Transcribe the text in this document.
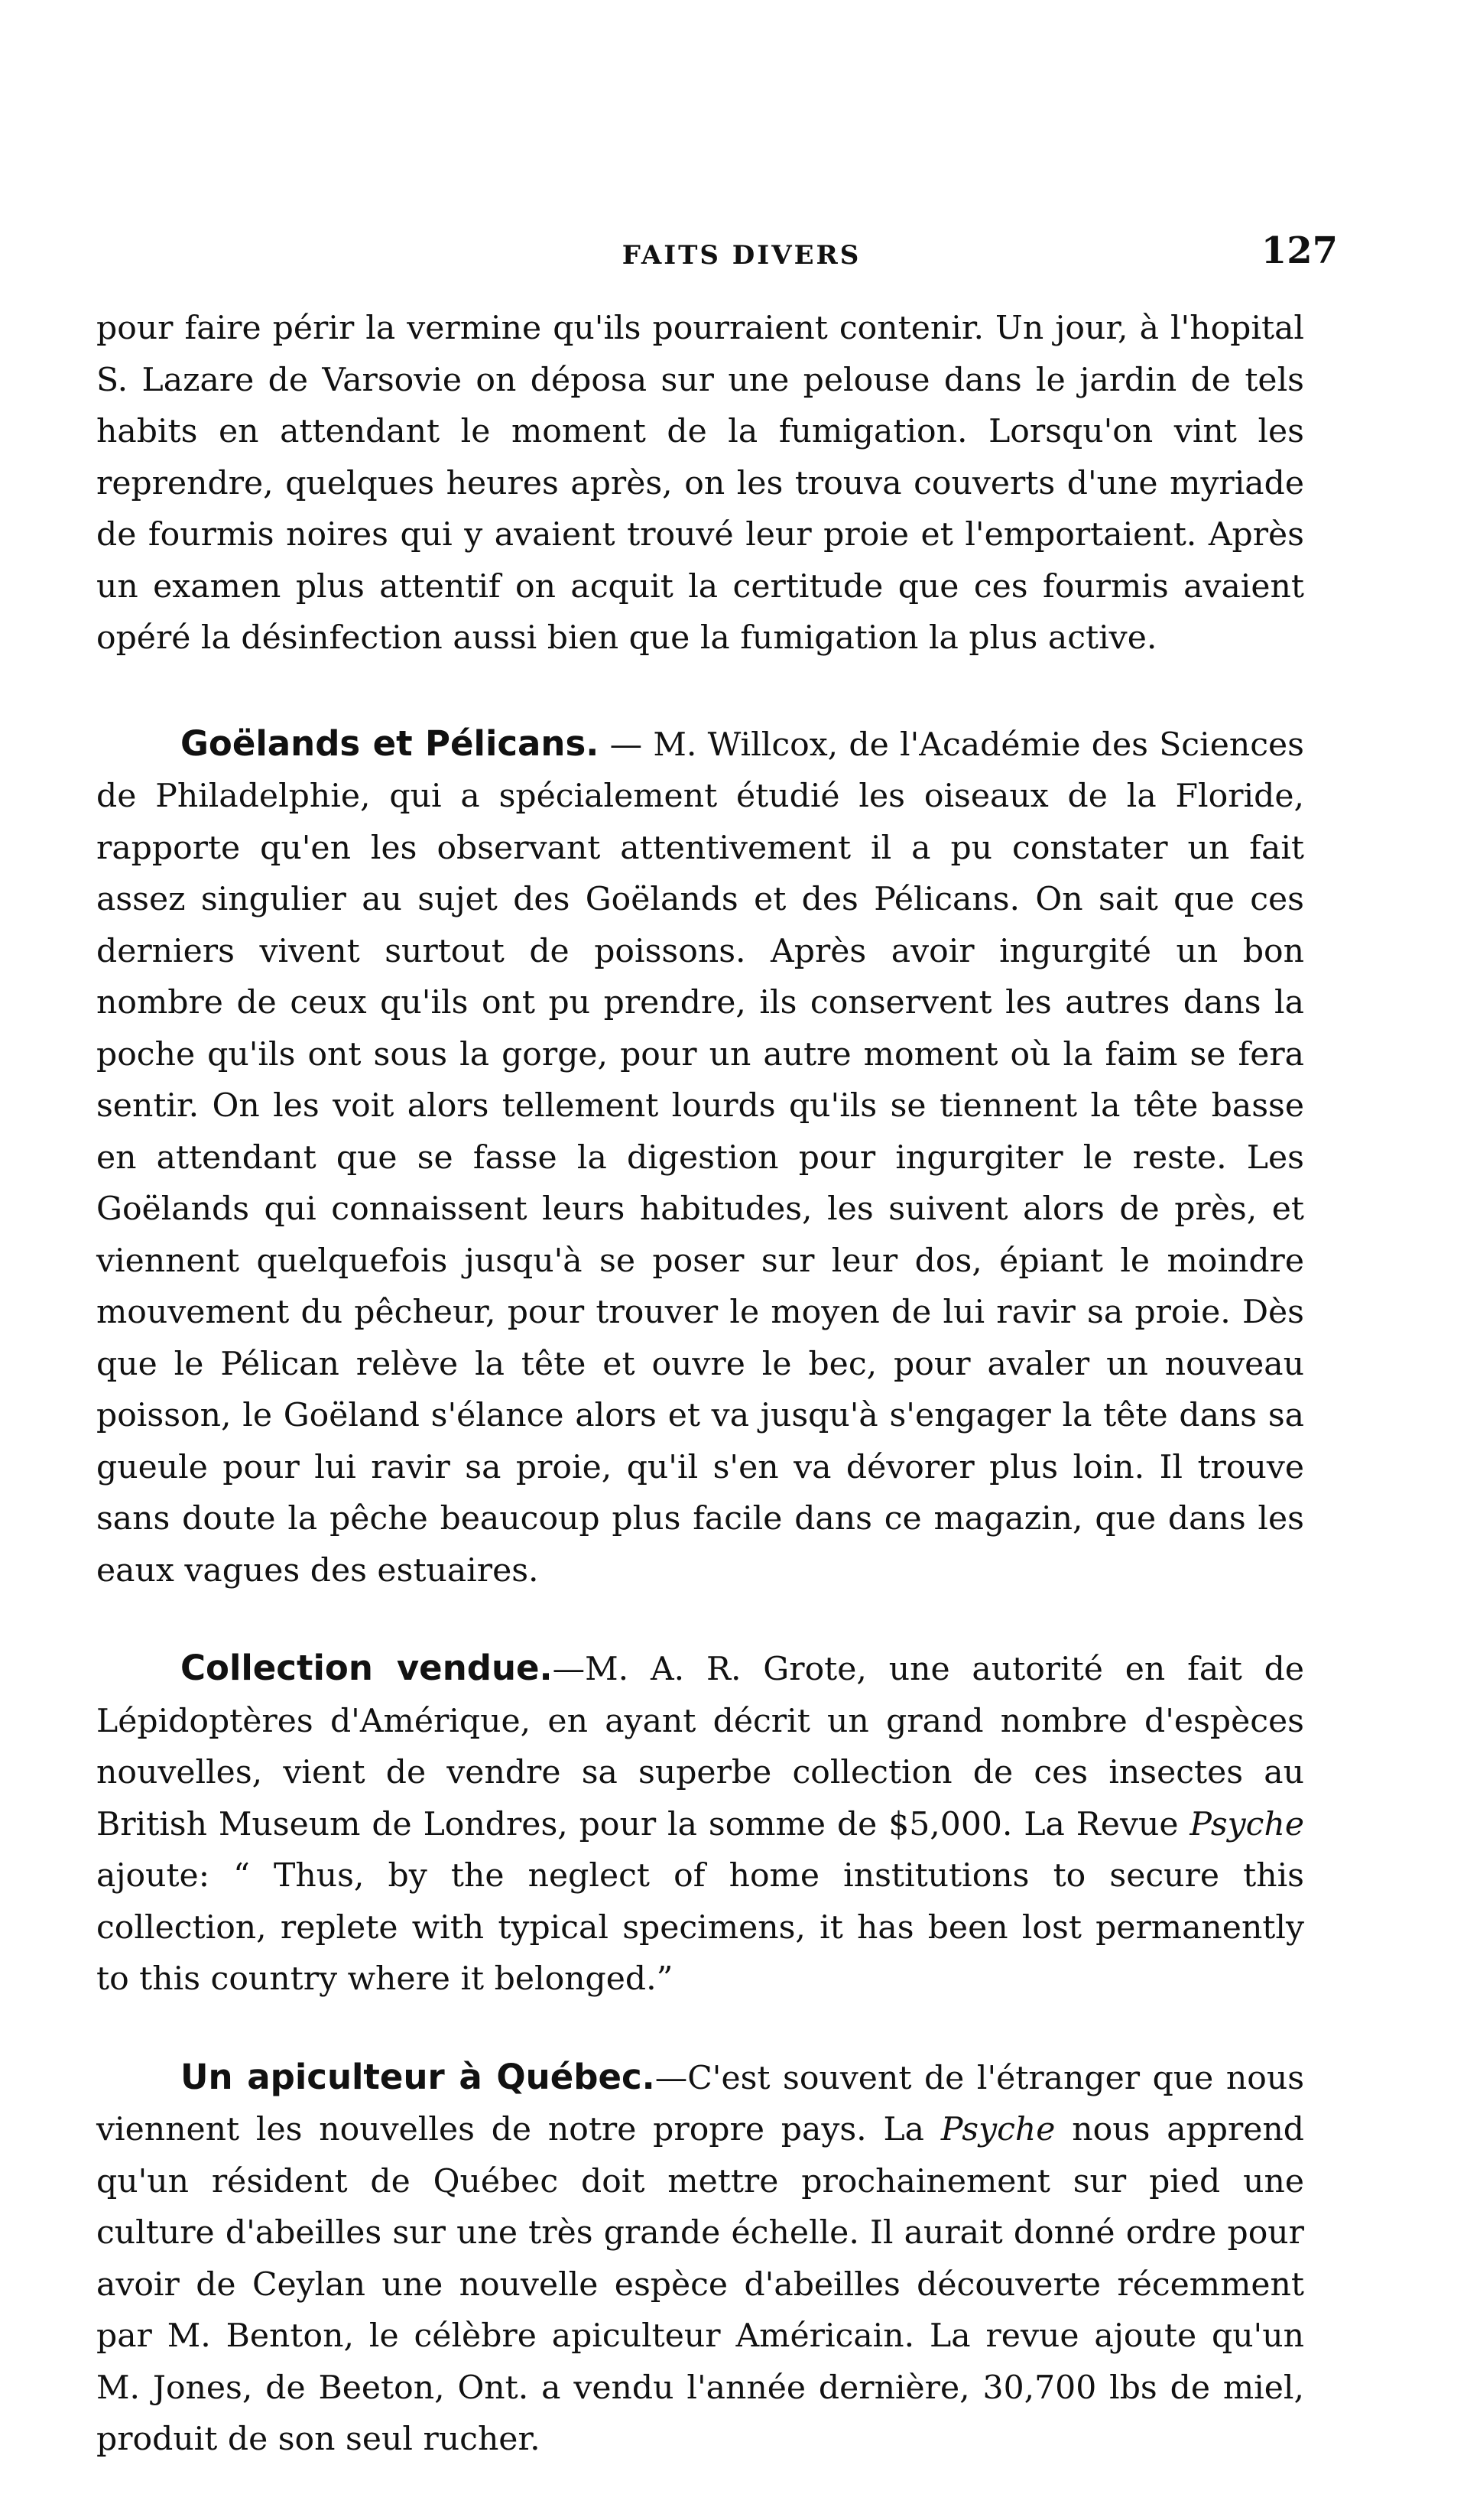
FAITS DIVERS	127

pour faire périr la vermine qu'ils pourraient contenir. Un jour, à l'hopital S. Lazare de Varsovie on déposa sur une pelouse dans le jardin de tels habits en attendant le moment de la fumigation. Lorsqu'on vint les reprendre, quelques heures après, on les trouva couverts d'une myriade de fourmis noires qui y avaient trouvé leur proie et l'emportaient. Après un examen plus attentif on acquit la certitude que ces fourmis avaient opéré la désinfection aussi bien que la fumigation la plus active.

Goëlands et Pélicans. — M. Willcox, de l'Académie des Sciences de Philadelphie, qui a spécialement étudié les oiseaux de la Floride, rapporte qu'en les observant attentivement il a pu constater un fait assez singulier au sujet des Goëlands et des Pélicans. On sait que ces derniers vivent surtout de poissons. Après avoir ingurgité un bon nombre de ceux qu'ils ont pu prendre, ils conservent les autres dans la poche qu'ils ont sous la gorge, pour un autre moment où la faim se fera sentir. On les voit alors tellement lourds qu'ils se tiennent la tête basse en attendant que se fasse la digestion pour ingurgiter le reste. Les Goëlands qui connaissent leurs habitudes, les suivent alors de près, et viennent quelquefois jusqu'à se poser sur leur dos, épiant le moindre mouvement du pêcheur, pour trouver le moyen de lui ravir sa proie. Dès que le Pélican relève la tête et ouvre le bec, pour avaler un nouveau poisson, le Goëland s'élance alors et va jusqu'à s'engager la tête dans sa gueule pour lui ravir sa proie, qu'il s'en va dévorer plus loin. Il trouve sans doute la pêche beaucoup plus facile dans ce magazin, que dans les eaux vagues des estuaires.

Collection vendue.—M. A. R. Grote, une autorité en fait de Lépidoptères d'Amérique, en ayant décrit un grand nombre d'espèces nouvelles, vient de vendre sa superbe collection de ces insectes au British Museum de Londres, pour la somme de $5,000. La Revue Psyche ajoute: “ Thus, by the neglect of home institutions to secure this collection, replete with typical specimens, it has been lost permanently to this country where it belonged.”

Un apiculteur à Québec.—C'est souvent de l'étranger que nous viennent les nouvelles de notre propre pays. La Psyche nous apprend qu'un résident de Québec doit mettre prochainement sur pied une culture d'abeilles sur une très grande échelle. Il aurait donné ordre pour avoir de Ceylan une nouvelle espèce d'abeilles découverte récemment par M. Benton, le célèbre apiculteur Américain. La revue ajoute qu'un M. Jones, de Beeton, Ont. a vendu l'année dernière, 30,700 lbs de miel, produit de son seul rucher.
